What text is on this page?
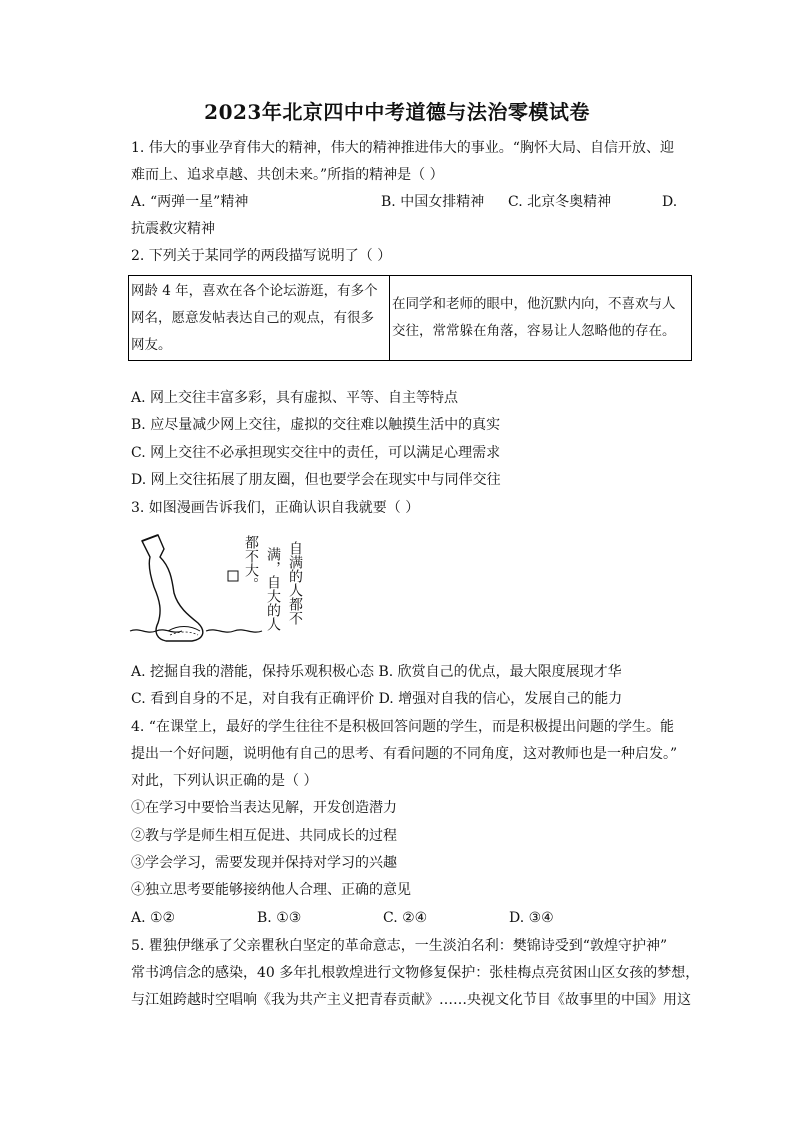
2023年北京四中中考道德与法治零模试卷
1. 伟大的事业孕育伟大的精神，伟大的精神推进伟大的事业。“胸怀大局、自信开放、迎
难而上、追求卓越、共创未来。”所指的精神是（ ）
A. “两弹一星”精神	B. 中国女排精神 C. 北京冬奥精神	D.
抗震救灾精神
2. 下列关于某同学的两段描写说明了（ ）
网龄 4 年，喜欢在各个论坛游逛，有多个
网名，愿意发帖表达自己的观点，有很多
网友。

在同学和老师的眼中，他沉默内向，不喜欢与人
交往，常常躲在角落，容易让人忽略他的存在。
A. 网上交往丰富多彩，具有虚拟、平等、自主等特点
B. 应尽量减少网上交往，虚拟的交往难以触摸生活中的真实
C. 网上交往不必承担现实交往中的责任，可以满足心理需求
D. 网上交往拓展了朋友圈，但也要学会在现实中与同伴交往
3. 如图漫画告诉我们，正确认识自我就要（ ）
自满的人都不
满，自大的人
都不大。
A. 挖掘自我的潜能，保持乐观积极心态 B. 欣赏自己的优点，最大限度展现才华
C. 看到自身的不足，对自我有正确评价 D. 增强对自我的信心，发展自己的能力
4. “在课堂上，最好的学生往往不是积极回答问题的学生，而是积极提出问题的学生。能
提出一个好问题，说明他有自己的思考、有看问题的不同角度，这对教师也是一种启发。”
对此，下列认识正确的是（ ）
①在学习中要恰当表达见解，开发创造潜力
②教与学是师生相互促进、共同成长的过程
③学会学习，需要发现并保持对学习的兴趣
④独立思考要能够接纳他人合理、正确的意见
A. ①②	B. ①③	C. ②④	D. ③④
5. 瞿独伊继承了父亲瞿秋白坚定的革命意志，一生淡泊名利：樊锦诗受到“敦煌守护神”
常书鸿信念的感染，40 多年扎根敦煌进行文物修复保护：张桂梅点亮贫困山区女孩的梦想，
与江姐跨越时空唱响《我为共产主义把青春贡献》……央视文化节目《故事里的中国》用这
